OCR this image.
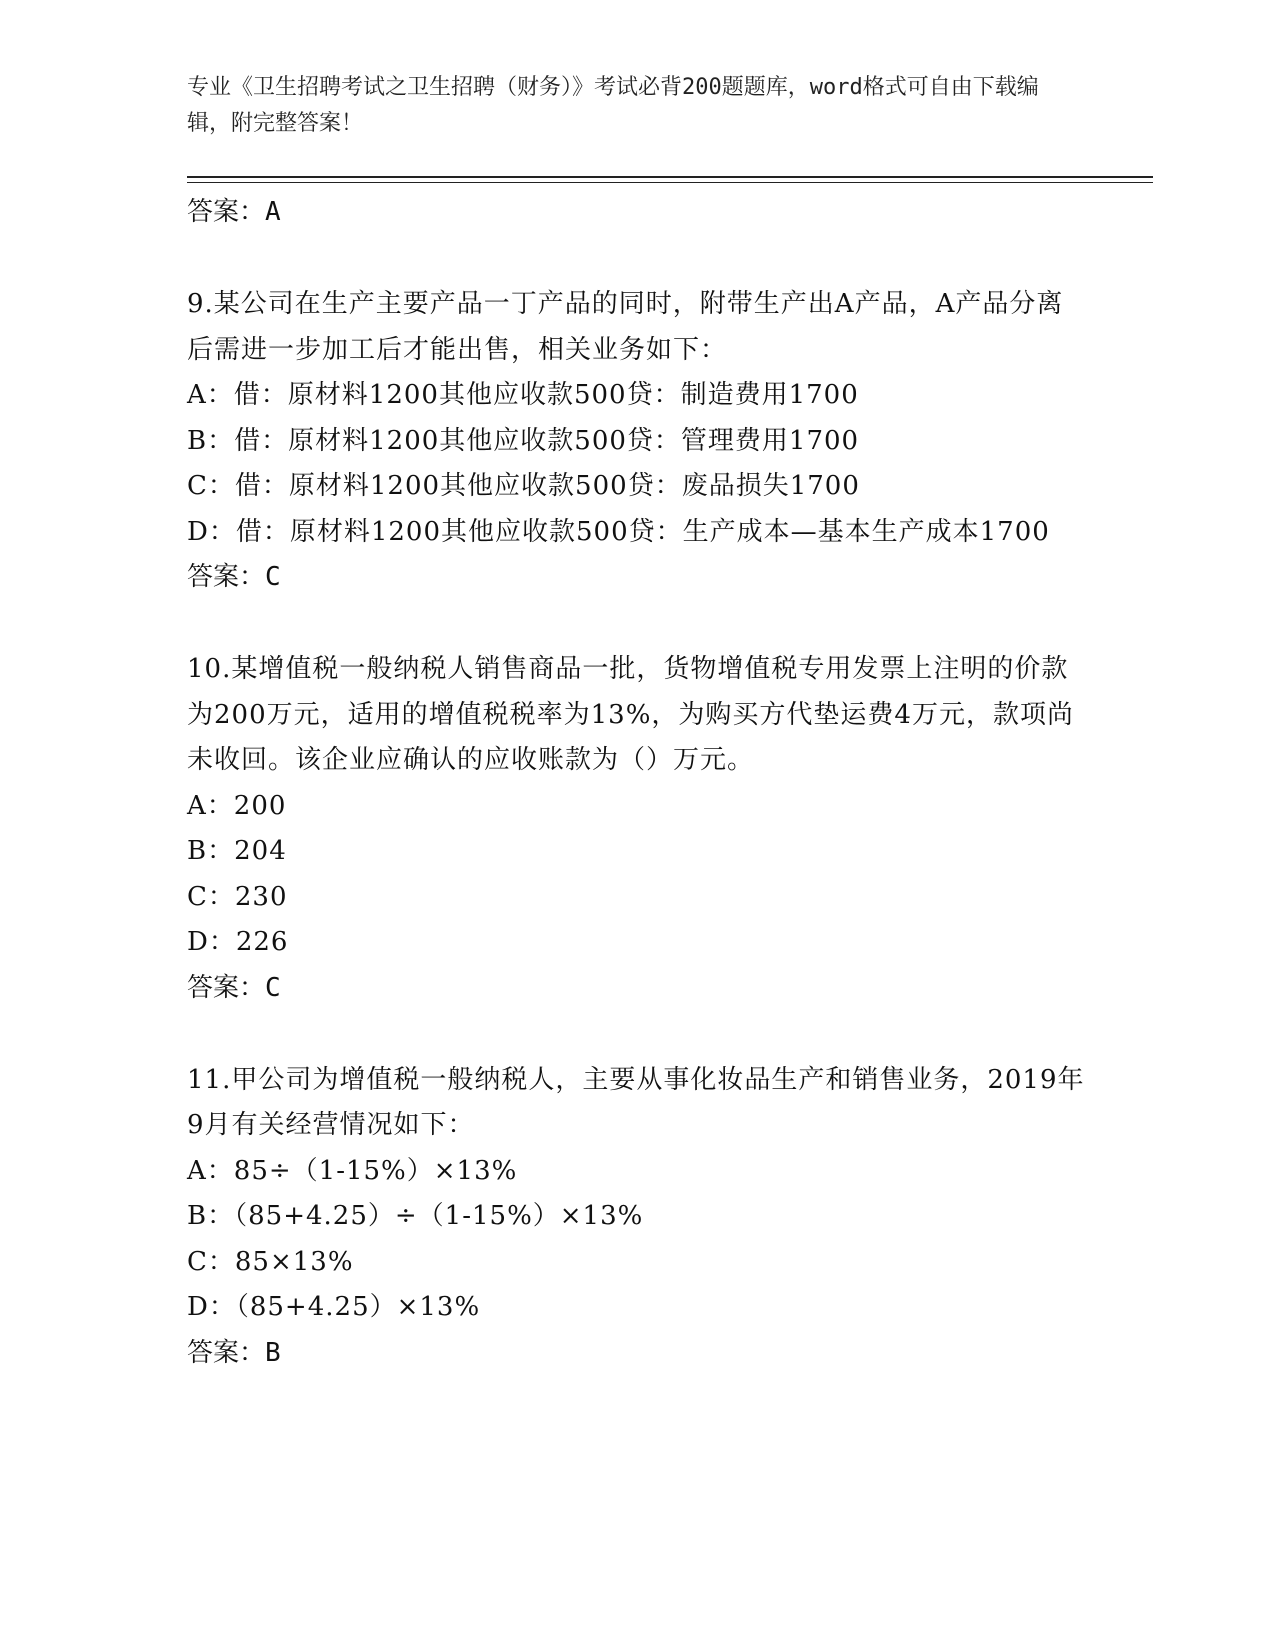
专业《卫生招聘考试之卫生招聘（财务）》考试必背200题题库，word格式可自由下载编辑，附完整答案！
答案：A
9.某公司在生产主要产品一丁产品的同时，附带生产出A产品，A产品分离后需进一步加工后才能出售，相关业务如下：
A：借：原材料1200其他应收款500贷：制造费用1700
B：借：原材料1200其他应收款500贷：管理费用1700
C：借：原材料1200其他应收款500贷：废品损失1700
D：借：原材料1200其他应收款500贷：生产成本—基本生产成本1700
答案：C
10.某增值税一般纳税人销售商品一批，货物增值税专用发票上注明的价款为200万元，适用的增值税税率为13%，为购买方代垫运费4万元，款项尚未收回。该企业应确认的应收账款为（）万元。
A：200
B：204
C：230
D：226
答案：C
11.甲公司为增值税一般纳税人，主要从事化妆品生产和销售业务，2019年9月有关经营情况如下：
A：85÷（1-15%）×13%
B：（85+4.25）÷（1-15%）×13%
C：85×13%
D：（85+4.25）×13%
答案：B
